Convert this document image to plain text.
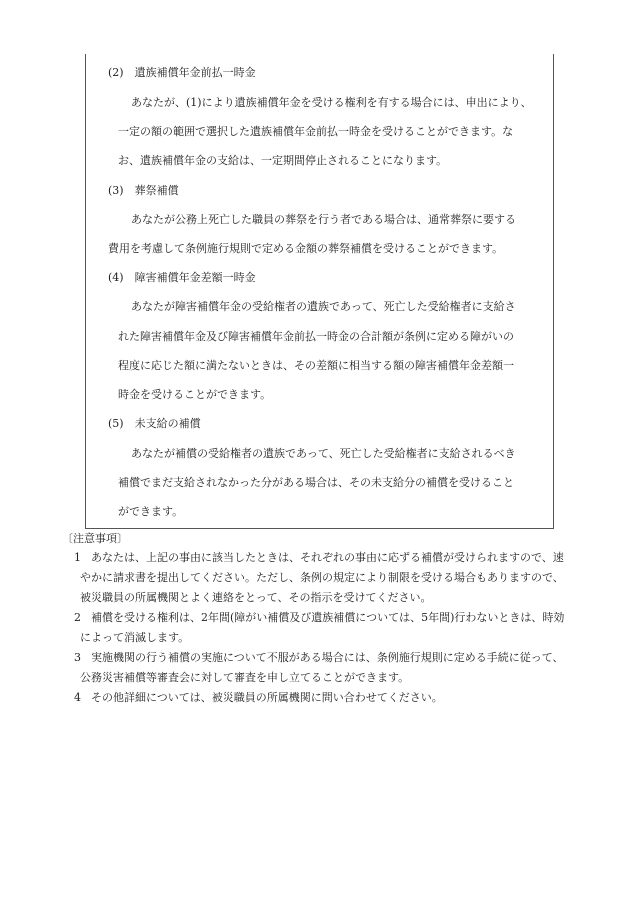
(2)　遺族補償年金前払一時金
あなたが、(1)により遺族補償年金を受ける権利を有する場合には、申出により、
一定の額の範囲で選択した遺族補償年金前払一時金を受けることができます。な
お、遺族補償年金の支給は、一定期間停止されることになります。
(3)　葬祭補償
あなたが公務上死亡した職員の葬祭を行う者である場合は、通常葬祭に要する
費用を考慮して条例施行規則で定める金額の葬祭補償を受けることができます。
(4)　障害補償年金差額一時金
あなたが障害補償年金の受給権者の遺族であって、死亡した受給権者に支給さ
れた障害補償年金及び障害補償年金前払一時金の合計額が条例に定める障がいの
程度に応じた額に満たないときは、その差額に相当する額の障害補償年金差額一
時金を受けることができます。
(5)　未支給の補償
あなたが補償の受給権者の遺族であって、死亡した受給権者に支給されるべき
補償でまだ支給されなかった分がある場合は、その未支給分の補償を受けること
ができます。
〔注意事項〕
1 あなたは、上記の事由に該当したときは、それぞれの事由に応ずる補償が受けられますので、速
やかに請求書を提出してください。ただし、条例の規定により制限を受ける場合もありますので、
被災職員の所属機関とよく連絡をとって、その指示を受けてください。
2 補償を受ける権利は、2年間(障がい補償及び遺族補償については、5年間)行わないときは、時効
によって消滅します。
3 実施機関の行う補償の実施について不服がある場合には、条例施行規則に定める手続に従って、
公務災害補償等審査会に対して審査を申し立てることができます。
4 その他詳細については、被災職員の所属機関に問い合わせてください。
